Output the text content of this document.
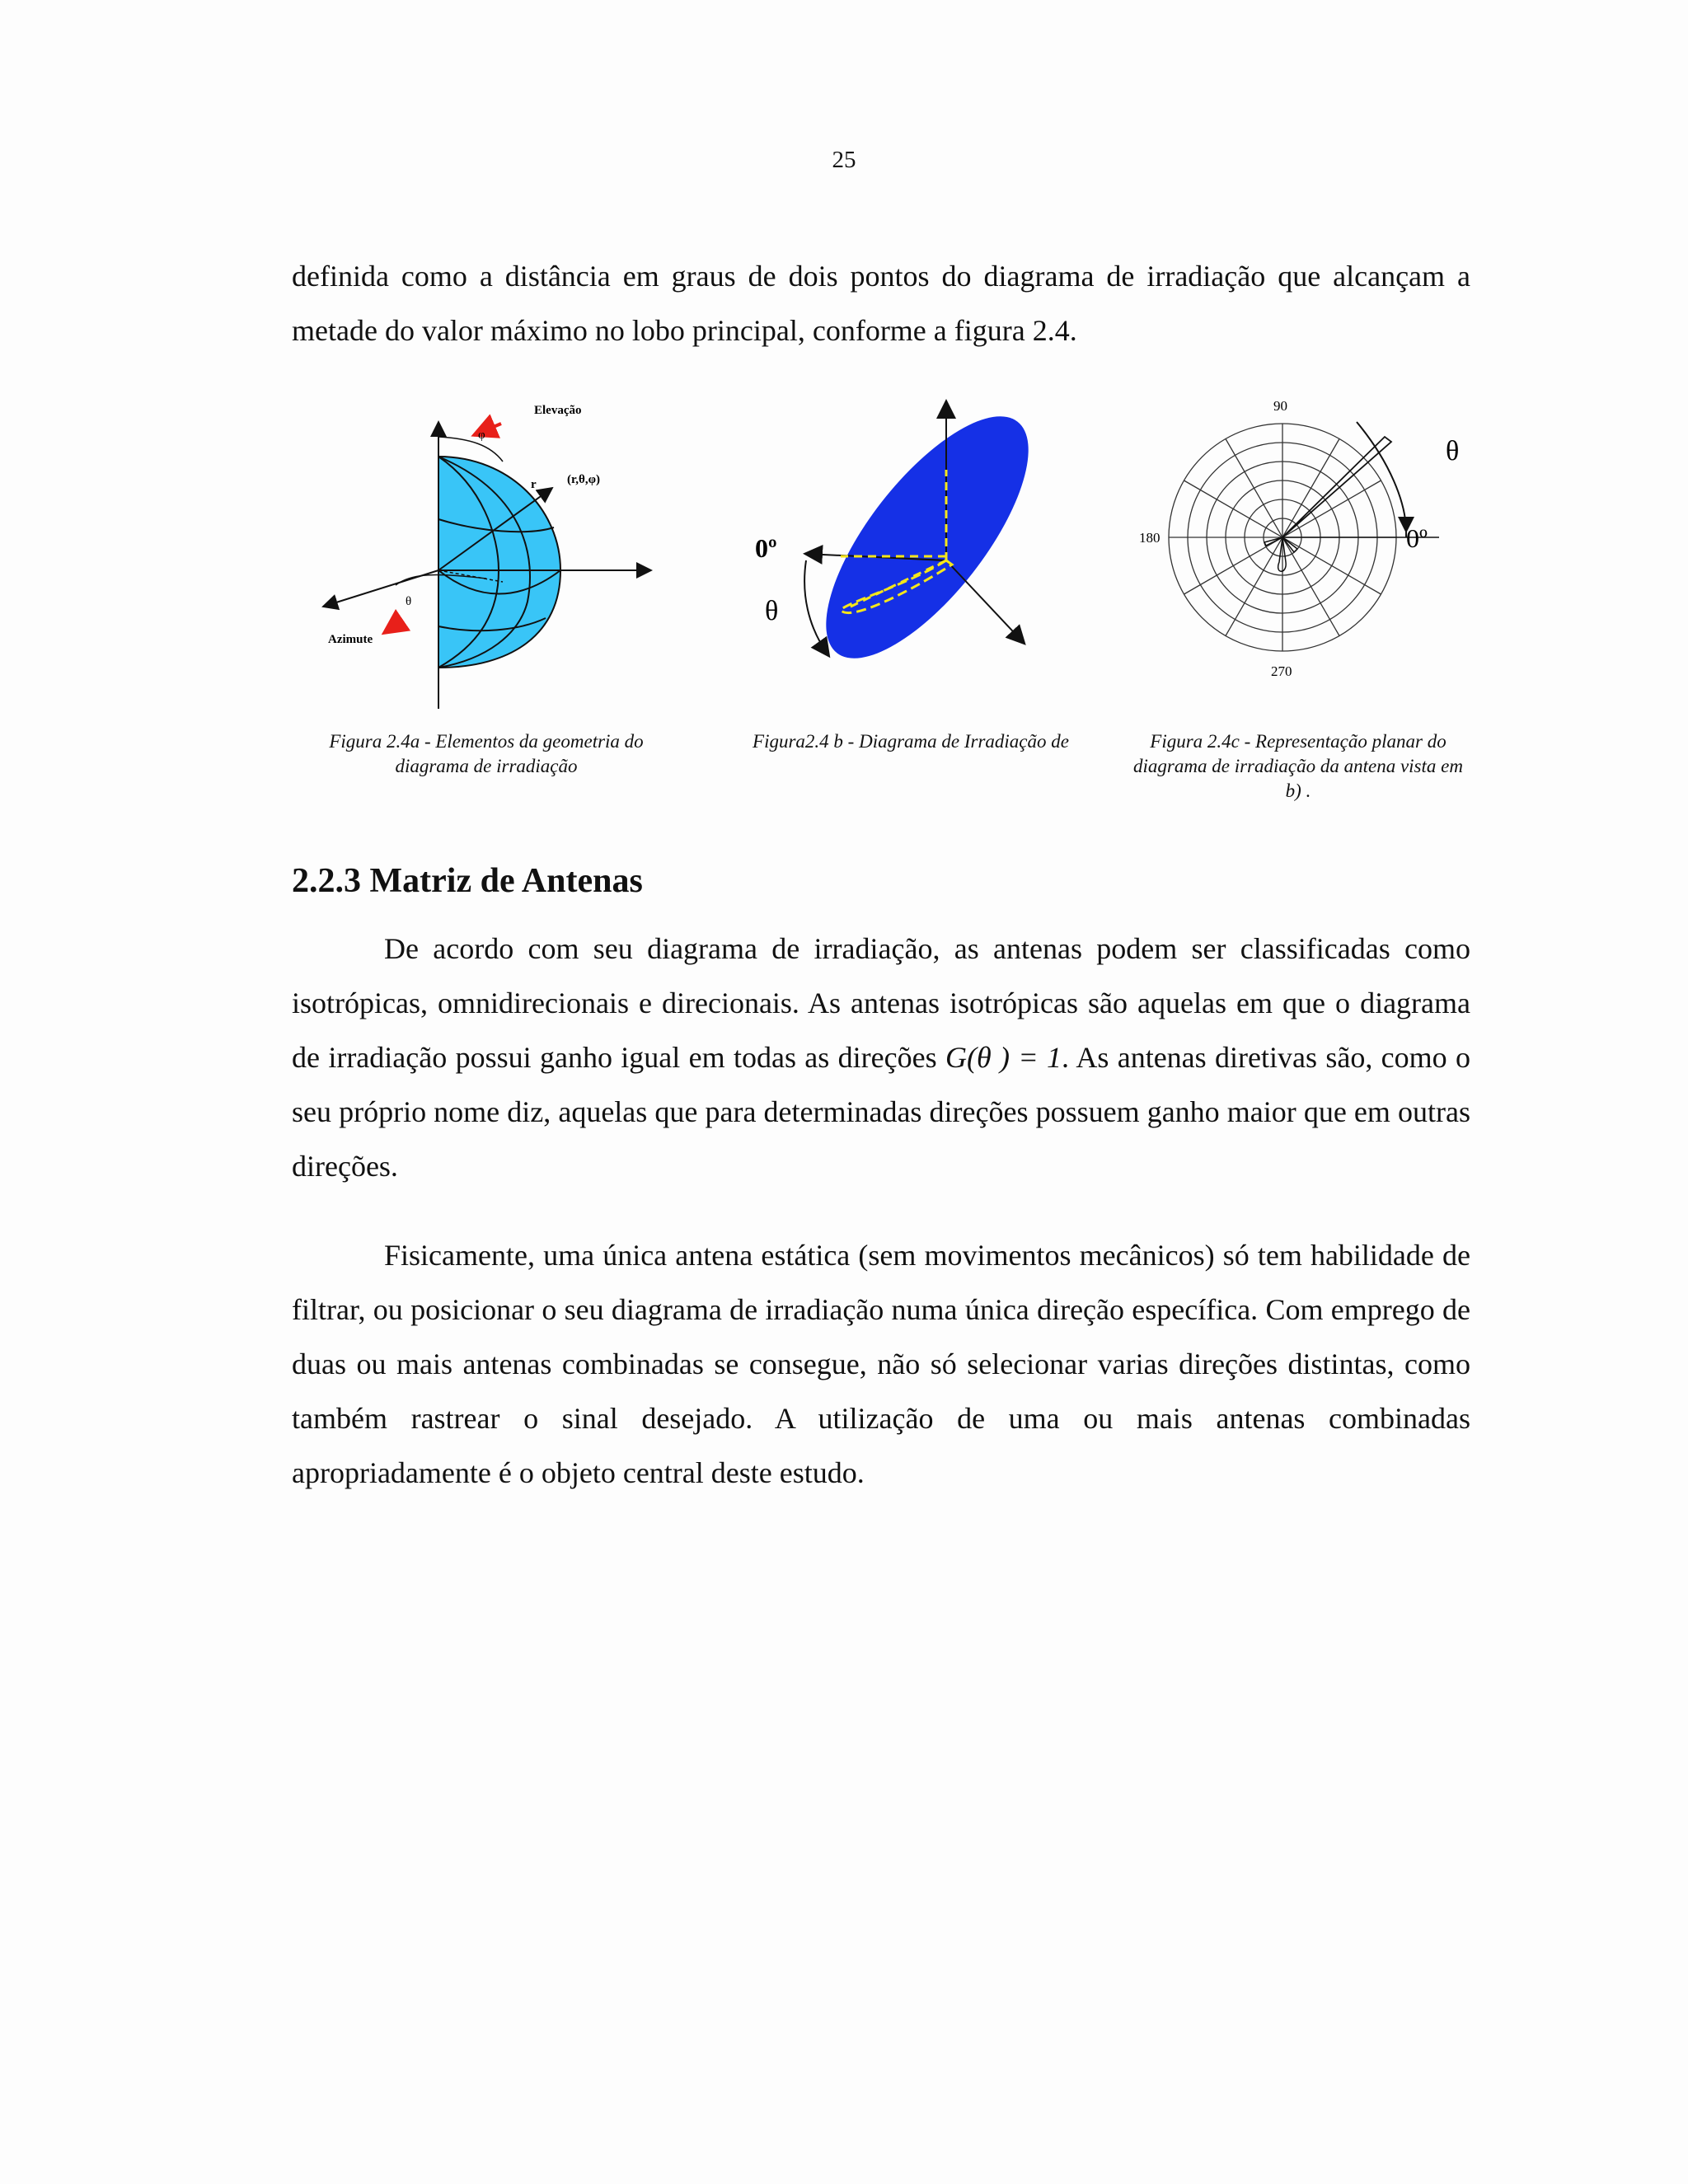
25

definida como a distância em graus de dois pontos do diagrama de irradiação que alcançam a metade do valor máximo no lobo principal, conforme a figura 2.4.

Elevação
φ
r (r,θ,φ)
θ
Azimute
0º
θ
90
180
270
0º
θ

Figura 2.4a - Elementos da geometria do diagrama de irradiação

Figura2.4 b - Diagrama de Irradiação de	Figura 2.4c - Representação planar do diagrama de irradiação da antena vista em b) .

2.2.3 Matriz de Antenas

De acordo com seu diagrama de irradiação, as antenas podem ser classificadas como isotrópicas, omnidirecionais e direcionais. As antenas isotrópicas são aquelas em que o diagrama de irradiação possui ganho igual em todas as direções G(θ ) = 1. As antenas diretivas são, como o seu próprio nome diz, aquelas que para determinadas direções possuem ganho maior que em outras direções.

Fisicamente, uma única antena estática (sem movimentos mecânicos) só tem habilidade de filtrar, ou posicionar o seu diagrama de irradiação numa única direção específica. Com emprego de duas ou mais antenas combinadas se consegue, não só selecionar varias direções distintas, como também rastrear o sinal desejado. A utilização de uma ou mais antenas combinadas apropriadamente é o objeto central deste estudo.
